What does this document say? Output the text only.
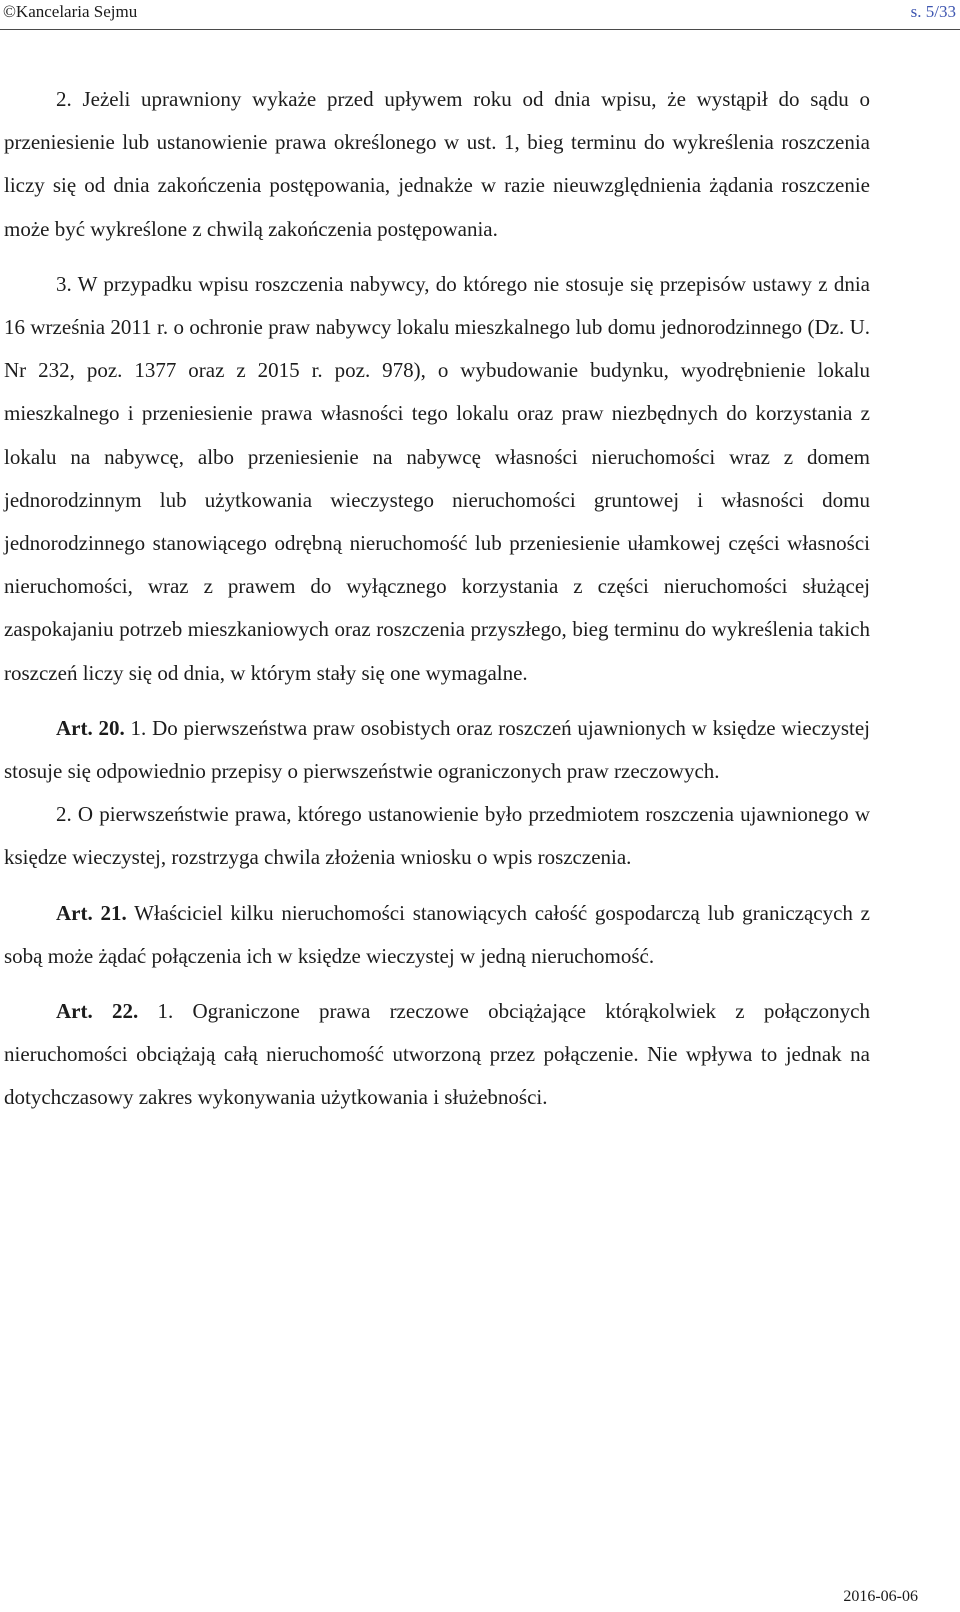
©Kancelaria Sejmu	s. 5/33

2. Jeżeli uprawniony wykaże przed upływem roku od dnia wpisu, że wystąpił do sądu o przeniesienie lub ustanowienie prawa określonego w ust. 1, bieg terminu do wykreślenia roszczenia liczy się od dnia zakończenia postępowania, jednakże w razie nieuwzględnienia żądania roszczenie może być wykreślone z chwilą zakończenia postępowania.

3. W przypadku wpisu roszczenia nabywcy, do którego nie stosuje się przepisów ustawy z dnia 16 września 2011 r. o ochronie praw nabywcy lokalu mieszkalnego lub domu jednorodzinnego (Dz. U. Nr 232, poz. 1377 oraz z 2015 r. poz. 978), o wybudowanie budynku, wyodrębnienie lokalu mieszkalnego i przeniesienie prawa własności tego lokalu oraz praw niezbędnych do korzystania z lokalu na nabywcę, albo przeniesienie na nabywcę własności nieruchomości wraz z domem jednorodzinnym lub użytkowania wieczystego nieruchomości gruntowej i własności domu jednorodzinnego stanowiącego odrębną nieruchomość lub przeniesienie ułamkowej części własności nieruchomości, wraz z prawem do wyłącznego korzystania z części nieruchomości służącej zaspokajaniu potrzeb mieszkaniowych oraz roszczenia przyszłego, bieg terminu do wykreślenia takich roszczeń liczy się od dnia, w którym stały się one wymagalne.

Art. 20. 1. Do pierwszeństwa praw osobistych oraz roszczeń ujawnionych w księdze wieczystej stosuje się odpowiednio przepisy o pierwszeństwie ograniczonych praw rzeczowych.

2. O pierwszeństwie prawa, którego ustanowienie było przedmiotem roszczenia ujawnionego w księdze wieczystej, rozstrzyga chwila złożenia wniosku o wpis roszczenia.

Art. 21. Właściciel kilku nieruchomości stanowiących całość gospodarczą lub graniczących z sobą może żądać połączenia ich w księdze wieczystej w jedną nieruchomość.

Art. 22. 1. Ograniczone prawa rzeczowe obciążające którąkolwiek z połączonych nieruchomości obciążają całą nieruchomość utworzoną przez połączenie. Nie wpływa to jednak na dotychczasowy zakres wykonywania użytkowania i służebności.

2016-06-06
